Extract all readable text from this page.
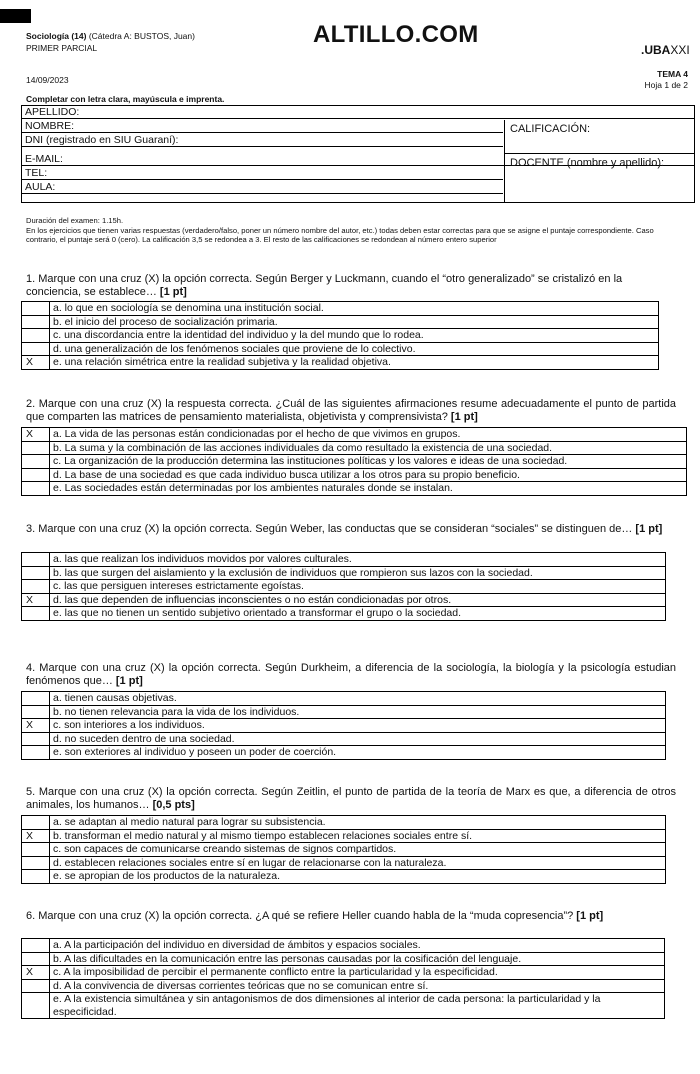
Sociología (14) (Cátedra A: BUSTOS, Juan)
PRIMER PARCIAL	ALTILLO.COM
.UBAXXI
14/09/2023
TEMA 4
Hoja 1 de 2
Completar con letra clara, mayúscula e imprenta.
APELLIDO:
NOMBRE:
DNI (registrado en SIU Guaraní):
E-MAIL:
TEL:
AULA:
CALIFICACIÓN:
DOCENTE (nombre y apellido):
Duración del examen: 1.15h.
En los ejercicios que tienen varias respuestas (verdadero/falso, poner un número nombre del autor, etc.) todas deben estar correctas para que se asigne el puntaje correspondiente. Caso contrario, el puntaje será 0 (cero). La calificación 3,5 se redondea a 3. El resto de las calificaciones se redondean al número entero superior
1. Marque con una cruz (X) la opción correcta. Según Berger y Luckmann, cuando el “otro generalizado” se cristalizó en la conciencia, se establece… [1 pt]
	a. lo que en sociología se denomina una institución social.
	b. el inicio del proceso de socialización primaria.
	c. una discordancia entre la identidad del individuo y la del mundo que lo rodea.
	d. una generalización de los fenómenos sociales que proviene de lo colectivo.
X	e. una relación simétrica entre la realidad subjetiva y la realidad objetiva.
2. Marque con una cruz (X) la respuesta correcta. ¿Cuál de las siguientes afirmaciones resume adecuadamente el punto de partida que comparten las matrices de pensamiento materialista, objetivista y comprensivista? [1 pt]
X	a. La vida de las personas están condicionadas por el hecho de que vivimos en grupos.
	b. La suma y la combinación de las acciones individuales da como resultado la existencia de una sociedad.
	c. La organización de la producción determina las instituciones políticas y los valores e ideas de una sociedad.
	d. La base de una sociedad es que cada individuo busca utilizar a los otros para su propio beneficio.
	e. Las sociedades están determinadas por los ambientes naturales donde se instalan.
3. Marque con una cruz (X) la opción correcta. Según Weber, las conductas que se consideran “sociales” se distinguen de… [1 pt]
	a. las que realizan los individuos movidos por valores culturales.
	b. las que surgen del aislamiento y la exclusión de individuos que rompieron sus lazos con la sociedad.
	c. las que persiguen intereses estrictamente egoístas.
X	d. las que dependen de influencias inconscientes o no están condicionadas por otros.
	e. las que no tienen un sentido subjetivo orientado a transformar el grupo o la sociedad.
4. Marque con una cruz (X) la opción correcta. Según Durkheim, a diferencia de la sociología, la biología y la psicología estudian fenómenos que… [1 pt]
	a. tienen causas objetivas.
	b. no tienen relevancia para la vida de los individuos.
X	c. son interiores a los individuos.
	d. no suceden dentro de una sociedad.
	e. son exteriores al individuo y poseen un poder de coerción.
5. Marque con una cruz (X) la opción correcta. Según Zeitlin, el punto de partida de la teoría de Marx es que, a diferencia de otros animales, los humanos… [0,5 pts]
	a. se adaptan al medio natural para lograr su subsistencia.
X	b. transforman el medio natural y al mismo tiempo establecen relaciones sociales entre sí.
	c. son capaces de comunicarse creando sistemas de signos compartidos.
	d. establecen relaciones sociales entre sí en lugar de relacionarse con la naturaleza.
	e. se apropian de los productos de la naturaleza.
6. Marque con una cruz (X) la opción correcta. ¿A qué se refiere Heller cuando habla de la “muda copresencia”? [1 pt]
	a. A la participación del individuo en diversidad de ámbitos y espacios sociales.
	b. A las dificultades en la comunicación entre las personas causadas por la cosificación del lenguaje.
X	c. A la imposibilidad de percibir el permanente conflicto entre la particularidad y la especificidad.
	d. A la convivencia de diversas corrientes teóricas que no se comunican entre sí.
	e. A la existencia simultánea y sin antagonismos de dos dimensiones al interior de cada persona: la particularidad y la especificidad.
